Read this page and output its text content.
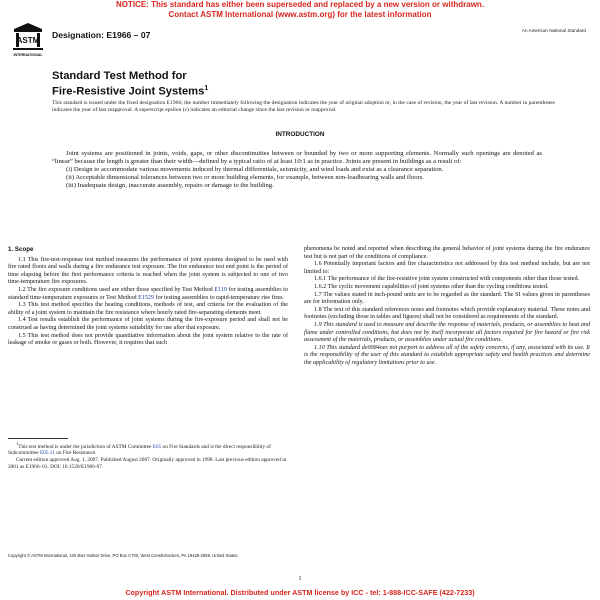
NOTICE: This standard has either been superseded and replaced by a new version or withdrawn.
Contact ASTM International (www.astm.org) for the latest information
ASTM
INTERNATIONAL
Designation: E1966 – 07	An American National Standard
Standard Test Method for
Fire-Resistive Joint Systems$^1$
This standard is issued under the fixed designation E1966; the number immediately following the designation indicates the year of original adoption or, in the case of revision, the year of last revision. A number in parentheses indicates the year of last reapproval. A superscript epsilon (ε) indicates an editorial change since the last revision or reapproval.
INTRODUCTION

Joint systems are positioned in joints, voids, gaps, or other discontinuities between or bounded by two or more supporting elements. Normally such openings are denoted as “linear” because the length is greater than their width—defined by a typical ratio of at least 10:1 as in practice. Joints are present in buildings as a result of:

(i) Design to accommodate various movements induced by thermal differentials, seismicity, and wind loads and exist as a clearance separation.

(ii) Acceptable dimensional tolerances between two or more building elements, for example, between non-loadbearing walls and floors.

(iii) Inadequate design, inaccurate assembly, repairs or damage to the building.

1. Scope

1.1 This fire-test-response test method measures the performance of joint systems designed to be used with fire rated floors and walls during a fire endurance test exposure. The fire endurance test end point is the period of time elapsing before the first performance criteria is reached when the joint system is subjected to one of two time-temperature fire exposures.

1.2 The fire exposure conditions used are either those specified by Test Method E119 for testing assemblies to standard time-temperature exposures or Test Method E1529 for testing assemblies to rapid-temperature rise fires.

1.3 This test method specifies the heating conditions, methods of test, and criteria for the evaluation of the ability of a joint system to maintain the fire resistance where hourly rated fire-separating elements meet.

1.4 Test results establish the performance of joint systems during the fire-exposure period and shall not be construed as having determined the joint systems suitability for use after that exposure.

1.5 This test method does not provide quantitative information about the joint system relative to the rate of leakage of smoke or gases or both. However, it requires that such

phenomena be noted and reported when describing the general behavior of joint systems during the fire endurance test but is not part of the conditions of compliance.

1.6 Potentially important factors and fire characteristics not addressed by this test method include, but are not limited to:

1.6.1 The performance of the fire-resistive joint system constructed with components other than those tested.

1.6.2 The cyclic movement capabilities of joint systems other than the cycling conditions tested.

1.7 The values stated in inch-pound units are to be regarded as the standard. The SI values given in parentheses are for information only.

1.8 The text of this standard references notes and footnotes which provide explanatory material. These notes and footnotes (excluding those in tables and figures) shall not be considered as requirements of the standard.

1.9 This standard is used to measure and describe the response of materials, products, or assemblies to heat and flame under controlled conditions, but does not by itself incorporate all factors required for fire hazard or fire risk assessment of the materials, products, or assemblies under actual fire conditions.

1.10 This standard de0084oes not purport to address all of the safety concerns, if any, associated with its use. It is the responsibility of the user of this standard to establish appropriate safety and health practices and determine the applicability of regulatory limitations prior to use.

$^1$This test method is under the jurisdiction of ASTM Committee E05 on Fire Standards and is the direct responsibility of Subcommittee E05.11 on Fire Resistance.

Current edition approved Aug. 1, 2007. Published August 2007. Originally approved in 1998. Last previous edition approved in 2001 as E1966–01. DOI: 10.1520/E1966-07.

Copyright © ASTM International, 100 Barr Harbor Drive, PO Box C700, West Conshohocken, PA 19428-2959. United States.
1
Copyright ASTM International. Distributed under ASTM license by ICC - tel: 1-888-ICC-SAFE (422-7233)
